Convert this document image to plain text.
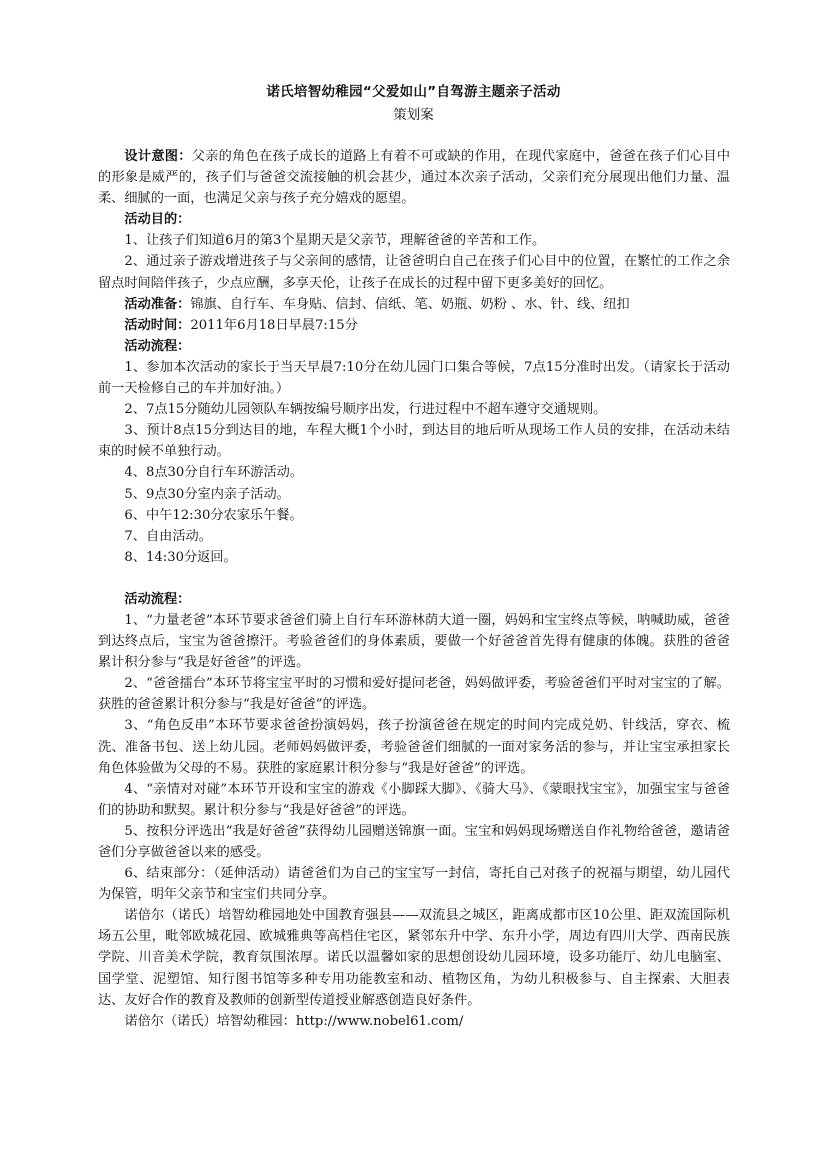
诺氏培智幼稚园“父爱如山”自驾游主题亲子活动
策划案

设计意图：父亲的角色在孩子成长的道路上有着不可或缺的作用，在现代家庭中，爸爸在孩子们心目中的形象是威严的，孩子们与爸爸交流接触的机会甚少，通过本次亲子活动，父亲们充分展现出他们力量、温柔、细腻的一面，也满足父亲与孩子充分嬉戏的愿望。

活动目的：

1、让孩子们知道6月的第3个星期天是父亲节，理解爸爸的辛苦和工作。

2、通过亲子游戏增进孩子与父亲间的感情，让爸爸明白自己在孩子们心目中的位置，在繁忙的工作之余留点时间陪伴孩子，少点应酬，多享天伦，让孩子在成长的过程中留下更多美好的回忆。

活动准备：锦旗、自行车、车身贴、信封、信纸、笔、奶瓶、奶粉 、水、针、线、纽扣

活动时间：2011年6月18日早晨7:15分

活动流程：

1、参加本次活动的家长于当天早晨7:10分在幼儿园门口集合等候，7点15分准时出发。（请家长于活动前一天检修自己的车并加好油。）

2、7点15分随幼儿园领队车辆按编号顺序出发，行进过程中不超车遵守交通规则。

3、预计8点15分到达目的地，车程大概1个小时，到达目的地后听从现场工作人员的安排，在活动未结束的时候不单独行动。

4、8点30分自行车环游活动。

5、9点30分室内亲子活动。

6、中午12:30分农家乐午餐。

7、自由活动。

8、14:30分返回。

活动流程：

1、“力量老爸”本环节要求爸爸们骑上自行车环游林荫大道一圈，妈妈和宝宝终点等候，呐喊助威，爸爸到达终点后，宝宝为爸爸擦汗。考验爸爸们的身体素质，要做一个好爸爸首先得有健康的体魄。获胜的爸爸累计积分参与“我是好爸爸”的评选。

2、“爸爸擂台”本环节将宝宝平时的习惯和爱好提问老爸，妈妈做评委，考验爸爸们平时对宝宝的了解。获胜的爸爸累计积分参与“我是好爸爸”的评选。

3、“角色反串”本环节要求爸爸扮演妈妈，孩子扮演爸爸在规定的时间内完成兑奶、针线活，穿衣、梳洗、准备书包、送上幼儿园。老师妈妈做评委，考验爸爸们细腻的一面对家务活的参与，并让宝宝承担家长角色体验做为父母的不易。获胜的家庭累计积分参与“我是好爸爸”的评选。

4、“亲情对对碰”本环节开设和宝宝的游戏《小脚踩大脚》、《骑大马》、《蒙眼找宝宝》，加强宝宝与爸爸们的协助和默契。累计积分参与“我是好爸爸”的评选。

5、按积分评选出“我是好爸爸”获得幼儿园赠送锦旗一面。宝宝和妈妈现场赠送自作礼物给爸爸，邀请爸爸们分享做爸爸以来的感受。

6、结束部分：（延伸活动）请爸爸们为自己的宝宝写一封信，寄托自己对孩子的祝福与期望，幼儿园代为保管，明年父亲节和宝宝们共同分享。

诺倍尔（诺氏）培智幼稚园地处中国教育强县——双流县之城区，距离成都市区10公里、距双流国际机场五公里，毗邻欧城花园、欧城雅典等高档住宅区，紧邻东升中学、东升小学，周边有四川大学、西南民族学院、川音美术学院，教育氛围浓厚。诺氏以温馨如家的思想创设幼儿园环境，设多功能厅、幼儿电脑室、国学堂、泥塑馆、知行图书馆等多种专用功能教室和动、植物区角，为幼儿积极参与、自主探索、大胆表达、友好合作的教育及教师的创新型传道授业解惑创造良好条件。

诺倍尔（诺氏）培智幼稚园：http://www.nobel61.com/
